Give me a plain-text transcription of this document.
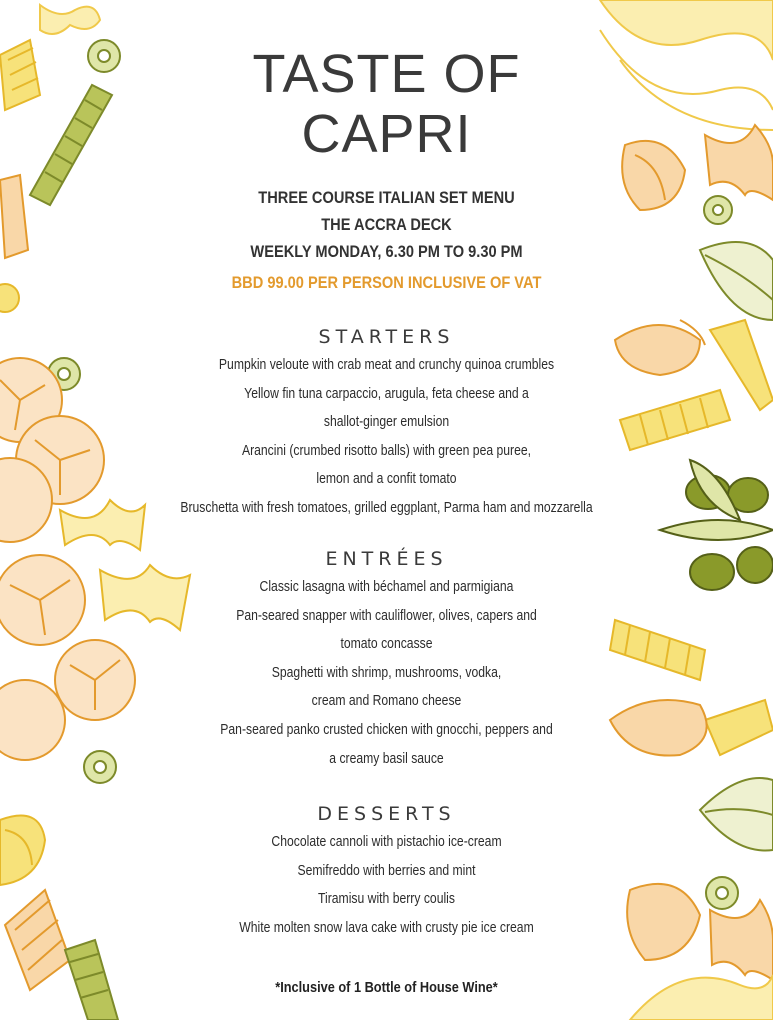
TASTE OF
CAPRI
THREE COURSE ITALIAN SET MENU
THE ACCRA DECK
WEEKLY MONDAY, 6.30 PM TO 9.30 PM
BBD 99.00 PER PERSON INCLUSIVE OF VAT
STARTERS
Pumpkin veloute with crab meat and crunchy quinoa crumbles
Yellow fin tuna carpaccio, arugula, feta cheese and a
shallot-ginger emulsion
Arancini (crumbed risotto balls) with green pea puree,
lemon and a confit tomato
Bruschetta with fresh tomatoes, grilled eggplant, Parma ham and mozzarella
ENTRÉES
Classic lasagna with béchamel and parmigiana
Pan-seared snapper with cauliflower, olives, capers and
tomato concasse
Spaghetti with shrimp, mushrooms, vodka,
cream and Romano cheese
Pan-seared panko crusted chicken with gnocchi, peppers and
a creamy basil sauce
DESSERTS
Chocolate cannoli with pistachio ice-cream
Semifreddo with berries and mint
Tiramisu with berry coulis
White molten snow lava cake with crusty pie ice cream
*Inclusive of 1 Bottle of House Wine*
